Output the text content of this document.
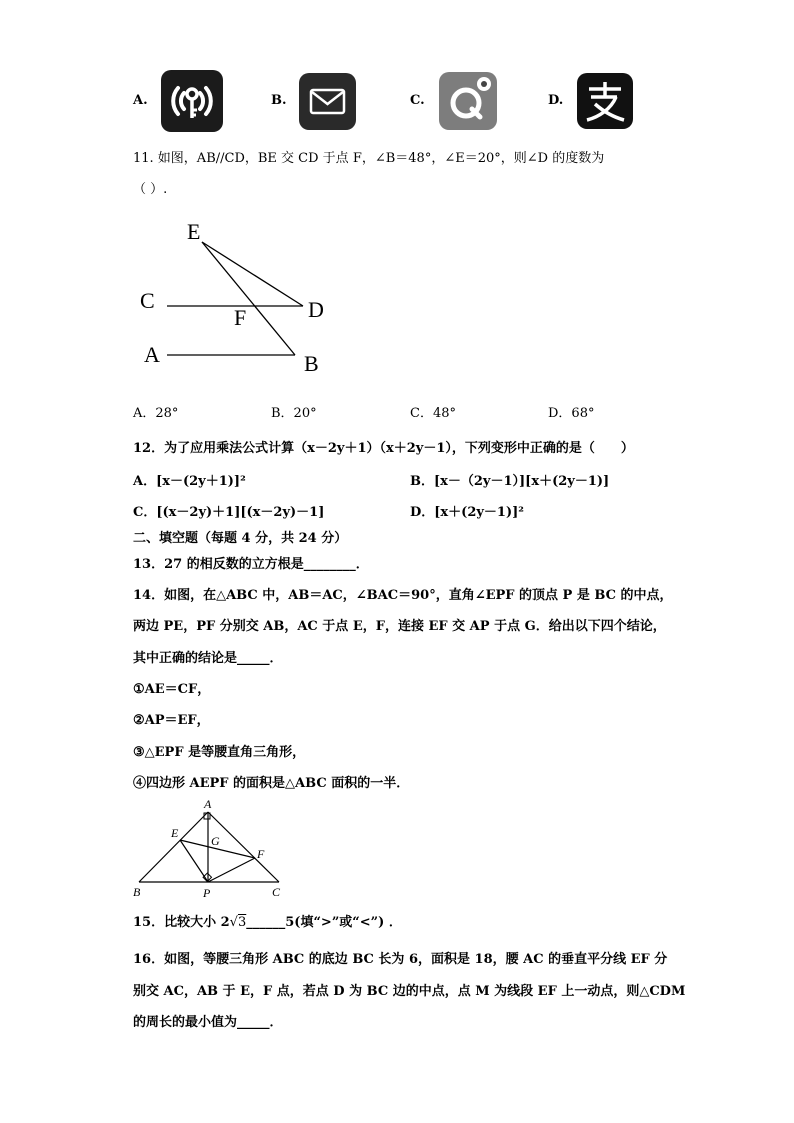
A.	B.	C.	D.
11. 如图，AB//CD，BE 交 CD 于点 F，∠B＝48°，∠E＝20°，则∠D 的度数为
（ ）.
E
C
F	D
A	B
A．28°	B．20°	C．48°	D．68°
12．为了应用乘法公式计算（x－2y＋1）（x＋2y－1），下列变形中正确的是（　　）
A．[x－(2y＋1)]²	B．[x－（2y－1）][x＋(2y－1)]
C．[(x－2y)＋1][(x－2y)－1]	D．[x＋(2y－1)]²
二、填空题（每题 4 分，共 24 分）
13．27 的相反数的立方根是________．
14．如图，在△ABC 中，AB＝AC，∠BAC＝90°，直角∠EPF 的顶点 P 是 BC 的中点，
两边 PE，PF 分别交 AB，AC 于点 E，F，连接 EF 交 AP 于点 G．给出以下四个结论，
其中正确的结论是_____．
①AE＝CF，
②AP＝EF，
③△EPF 是等腰直角三角形，
④四边形 AEPF 的面积是△ABC 面积的一半．
A
E
G
F
B	P	C
15．比较大小 2√3______5(填“>”或“<”) ．
16．如图，等腰三角形 ABC 的底边 BC 长为 6，面积是 18，腰 AC 的垂直平分线 EF 分
别交 AC，AB 于 E，F 点，若点 D 为 BC 边的中点，点 M 为线段 EF 上一动点，则△CDM
的周长的最小值为_____．
